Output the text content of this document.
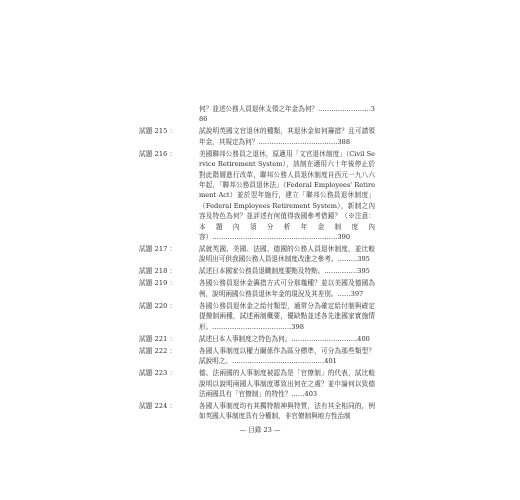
何？並述公務人員退休支領之年金為何？……………………386
試題 215 ：	試說明英國文官退休的種類，其退休金如何籌措？且可請​領年金，其規定為何？………………………………388
試題 216 ：	美國聯邦公務員之退休，原適用「文官退休制度」（Civil Service Retirement System），該制在適用六十年後停止於對此階層進行改革，聯邦公務人員退休制度自西元一九八六年起，「聯邦公務員退休法」（Federal Employees' Retirement Act）並於翌年施行，建立「聯邦公務員退休制度」（Federal Employees Retirement System），新制之內容及特色為何？並評述有何值得我國參考借鏡？（※注意：本題內須分析年金制度內容）…………………………………………………390
試題 217 ：	試就英國、美國、法國、德國的公務人員退休制度，並比較說明出可供我國公務人員退休制度改進之參考。………395
試題 218 ：	試述日本國家公務員退職制度要點及特點。……………395
試題 219 ：	各國公務員退休金籌措方式可分那幾種？並以美國及德國為例，說明兩國公務員退休年金的現況及其差別。……397
試題 220 ：	各國公務員退休金之給付類型，通常分為確定給付制與確定提撥制兩種，試述兩制概要，優缺點並述各先進國家實施情形。………………………………398
試題 221 ：	試述日本人事制度之特色為何。…………………………400
試題 222 ：	各國人事制度以權力關係作為區分標準，可分為那些類型？試說明之。……………………………………401
試題 223 ：	德、法兩國的人事制度被認為是「官僚制」的代表，試比較說明以說明兩國人事制度導致出何在之處？並申論何以致德法兩國具有「官僚制」的特性？……403
試題 224 ：	各國人事制度均有其獨特精神與特質，法有其全相同的，例如英國人事制度具有分權制，非官僚制與地方性治制
— 目錄 23 —
